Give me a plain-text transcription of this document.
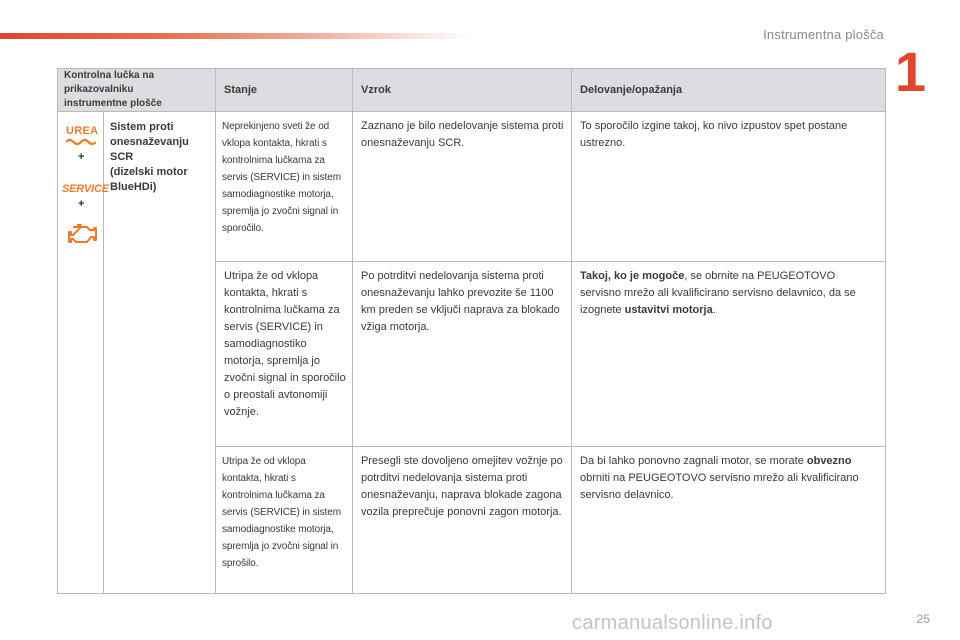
Instrumentna plošča
1
Kontrolna lučka na prikazovalniku
instrumentne plošče		Stanje	Vzrok	Delovanje/opažanja

UREA
+
SERVICE
+	Sistem proti
onesnaževanju
SCR
(dizelski motor
BlueHDi)	Neprekinjeno sveti že od vklopa kontakta, hkrati s kontrolnima lučkama za servis (SERVICE) in sistem samodiagnostike motorja, spremlja jo zvočni signal in sporočilo.	Zaznano je bilo nedelovanje sistema proti onesnaževanju SCR.	To sporočilo izgine takoj, ko nivo izpustov spet postane ustrezno.
		Utripa že od vklopa kontakta, hkrati s kontrolnima lučkama za servis (SERVICE) in samodiagnostiko motorja, spremlja jo zvočni signal in sporočilo o preostali avtonomiji vožnje.	Po potrditvi nedelovanja sistema proti onesnaževanju lahko prevozite še 1100 km preden se vključi naprava za blokado vžiga motorja.	Takoj, ko je mogoče, se obrnite na PEUGEOTOVO servisno mrežo ali kvalificirano servisno delavnico, da se izognete ustavitvi motorja.
		Utripa že od vklopa kontakta, hkrati s kontrolnima lučkama za servis (SERVICE) in sistem samodiagnostike motorja, spremlja jo zvočni signal in sprošilo.	Presegli ste dovoljeno omejitev vožnje po potrditvi nedelovanja sistema proti onesnaževanju, naprava blokade zagona vozila preprečuje ponovni zagon motorja.	Da bi lahko ponovno zagnali motor, se morate obvezno obrniti na PEUGEOTOVO servisno mrežo ali kvalificirano servisno delavnico.
carmanualsonline.info	25
